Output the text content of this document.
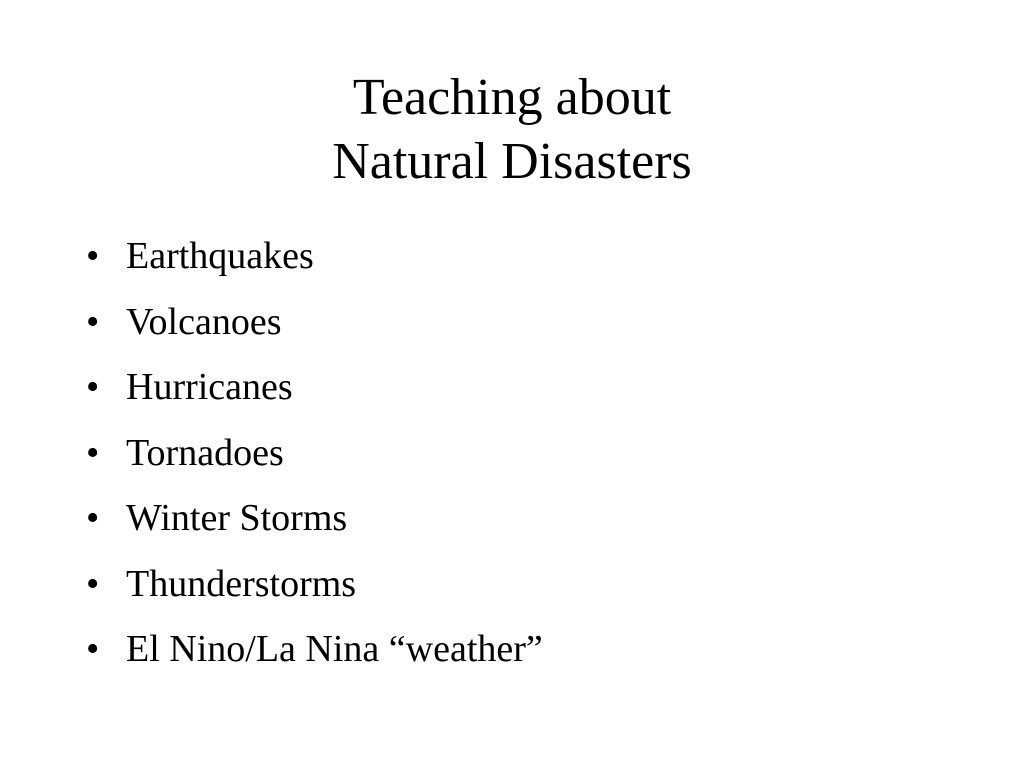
Teaching about
Natural Disasters
• Earthquakes
• Volcanoes
• Hurricanes
• Tornadoes
• Winter Storms
• Thunderstorms
• El Nino/La Nina “weather”
